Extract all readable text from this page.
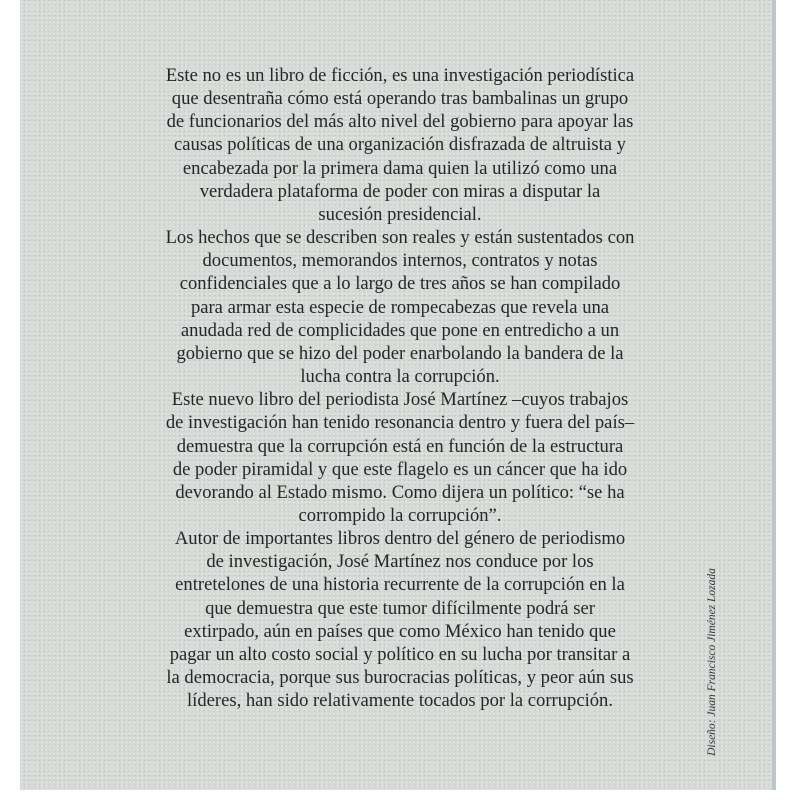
Este no es un libro de ficción, es una investigación periodística
que desentraña cómo está operando tras bambalinas un grupo
de funcionarios del más alto nivel del gobierno para apoyar las
causas políticas de una organización disfrazada de altruista y
encabezada por la primera dama quien la utilizó como una
verdadera plataforma de poder con miras a disputar la
sucesión presidencial.
Los hechos que se describen son reales y están sustentados con
documentos, memorandos internos, contratos y notas
confidenciales que a lo largo de tres años se han compilado
para armar esta especie de rompecabezas que revela una
anudada red de complicidades que pone en entredicho a un
gobierno que se hizo del poder enarbolando la bandera de la
lucha contra la corrupción.
Este nuevo libro del periodista José Martínez –cuyos trabajos
de investigación han tenido resonancia dentro y fuera del país–
demuestra que la corrupción está en función de la estructura
de poder piramidal y que este flagelo es un cáncer que ha ido
devorando al Estado mismo. Como dijera un político: “se ha
corrompido la corrupción”.
Autor de importantes libros dentro del género de periodismo
de investigación, José Martínez nos conduce por los
entretelones de una historia recurrente de la corrupción en la
que demuestra que este tumor difícilmente podrá ser
extirpado, aún en países que como México han tenido que
pagar un alto costo social y político en su lucha por transitar a
la democracia, porque sus burocracias políticas, y peor aún sus
líderes, han sido relativamente tocados por la corrupción.	Diseño: Juan Francisco Jiménez Lozada
